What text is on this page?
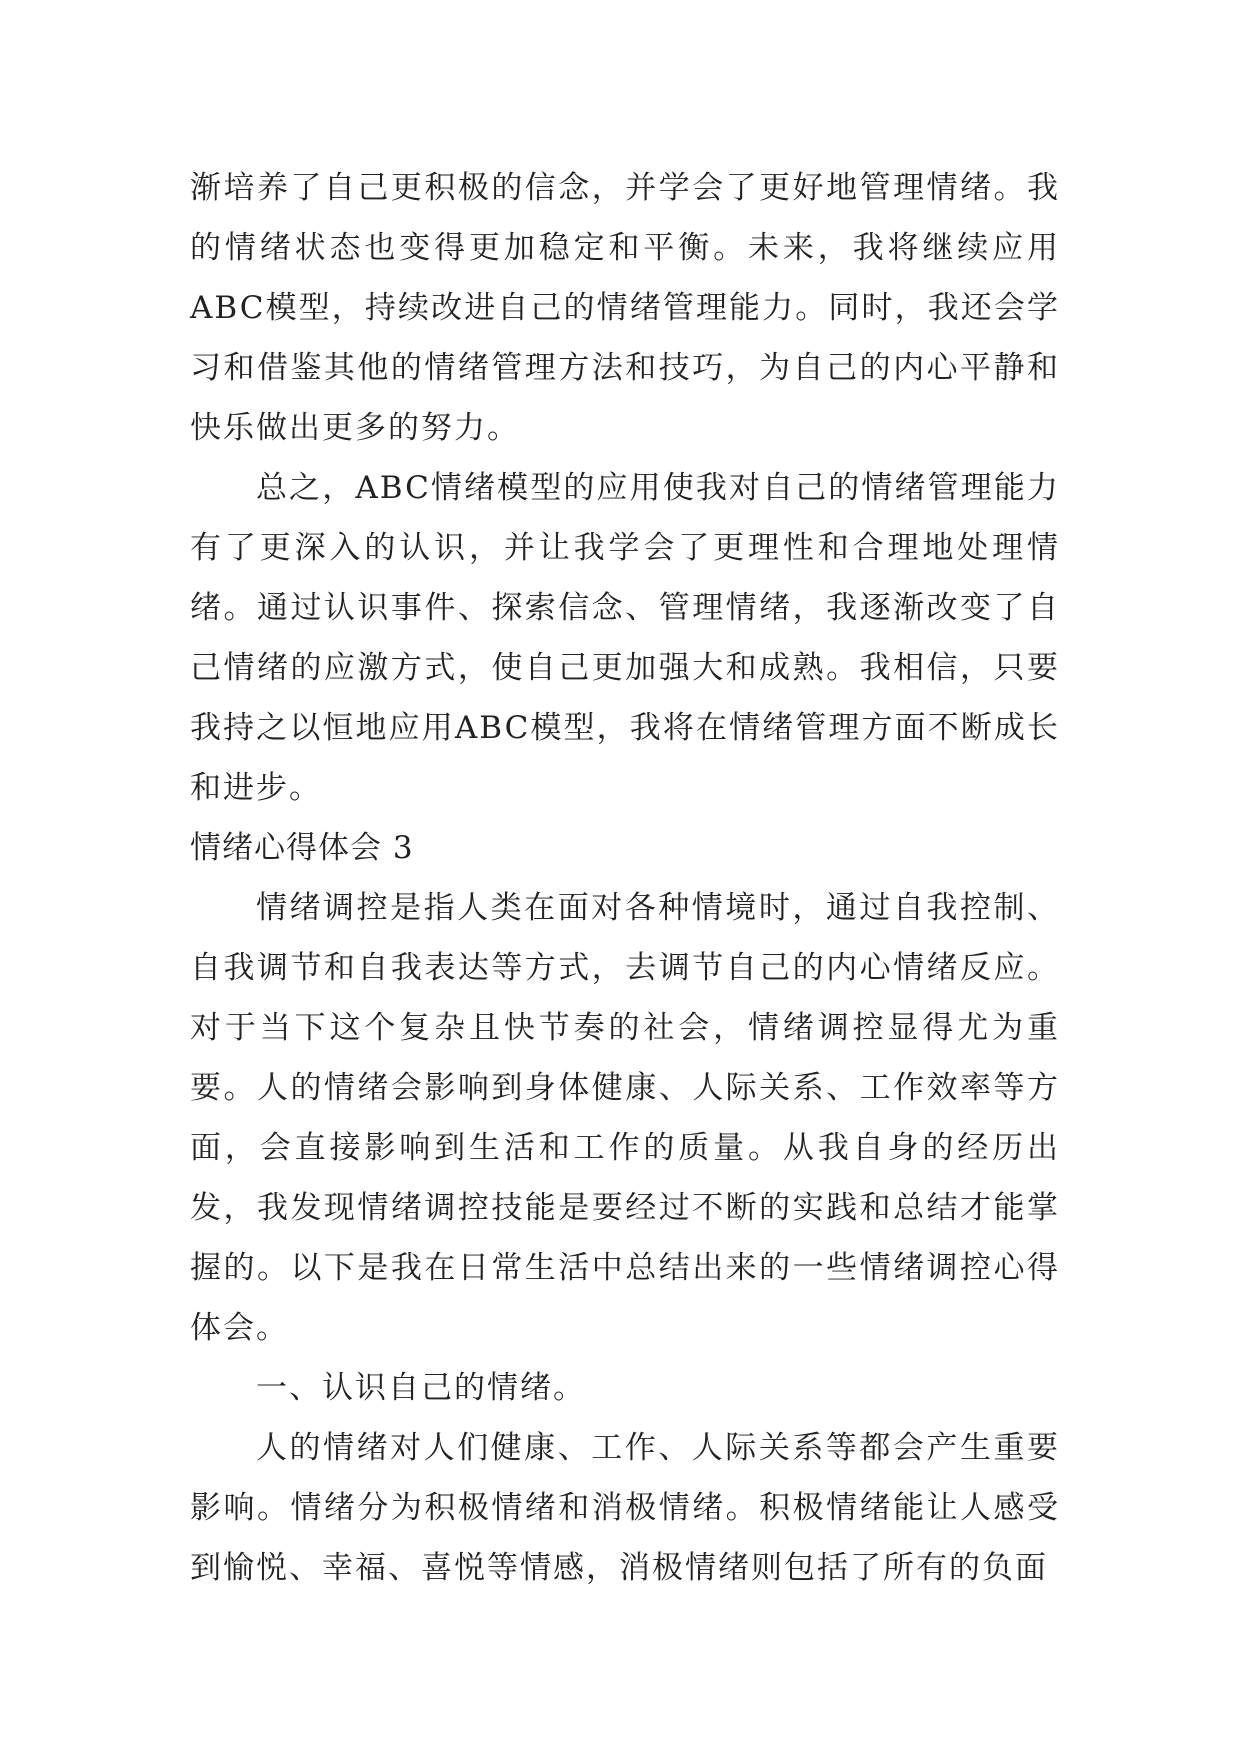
渐培养了自己更积极的信念，并学会了更好地管理情绪。我的情绪状态也变得更加稳定和平衡。未来，我将继续应用ABC模型，持续改进自己的情绪管理能力。同时，我还会学习和借鉴其他的情绪管理方法和技巧，为自己的内心平静和快乐做出更多的努力。

总之，ABC情绪模型的应用使我对自己的情绪管理能力有了更深入的认识，并让我学会了更理性和合理地处理情绪。通过认识事件、探索信念、管理情绪，我逐渐改变了自己情绪的应激方式，使自己更加强大和成熟。我相信，只要我持之以恒地应用ABC模型，我将在情绪管理方面不断成长和进步。

情绪心得体会 3

情绪调控是指人类在面对各种情境时，通过自我控制、自我调节和自我表达等方式，去调节自己的内心情绪反应。对于当下这个复杂且快节奏的社会，情绪调控显得尤为重要。人的情绪会影响到身体健康、人际关系、工作效率等方面，会直接影响到生活和工作的质量。从我自身的经历出发，我发现情绪调控技能是要经过不断的实践和总结才能掌握的。以下是我在日常生活中总结出来的一些情绪调控心得体会。

一、认识自己的情绪。

人的情绪对人们健康、工作、人际关系等都会产生重要影响。情绪分为积极情绪和消极情绪。积极情绪能让人感受到愉悦、幸福、喜悦等情感，消极情绪则包括了所有的负面
